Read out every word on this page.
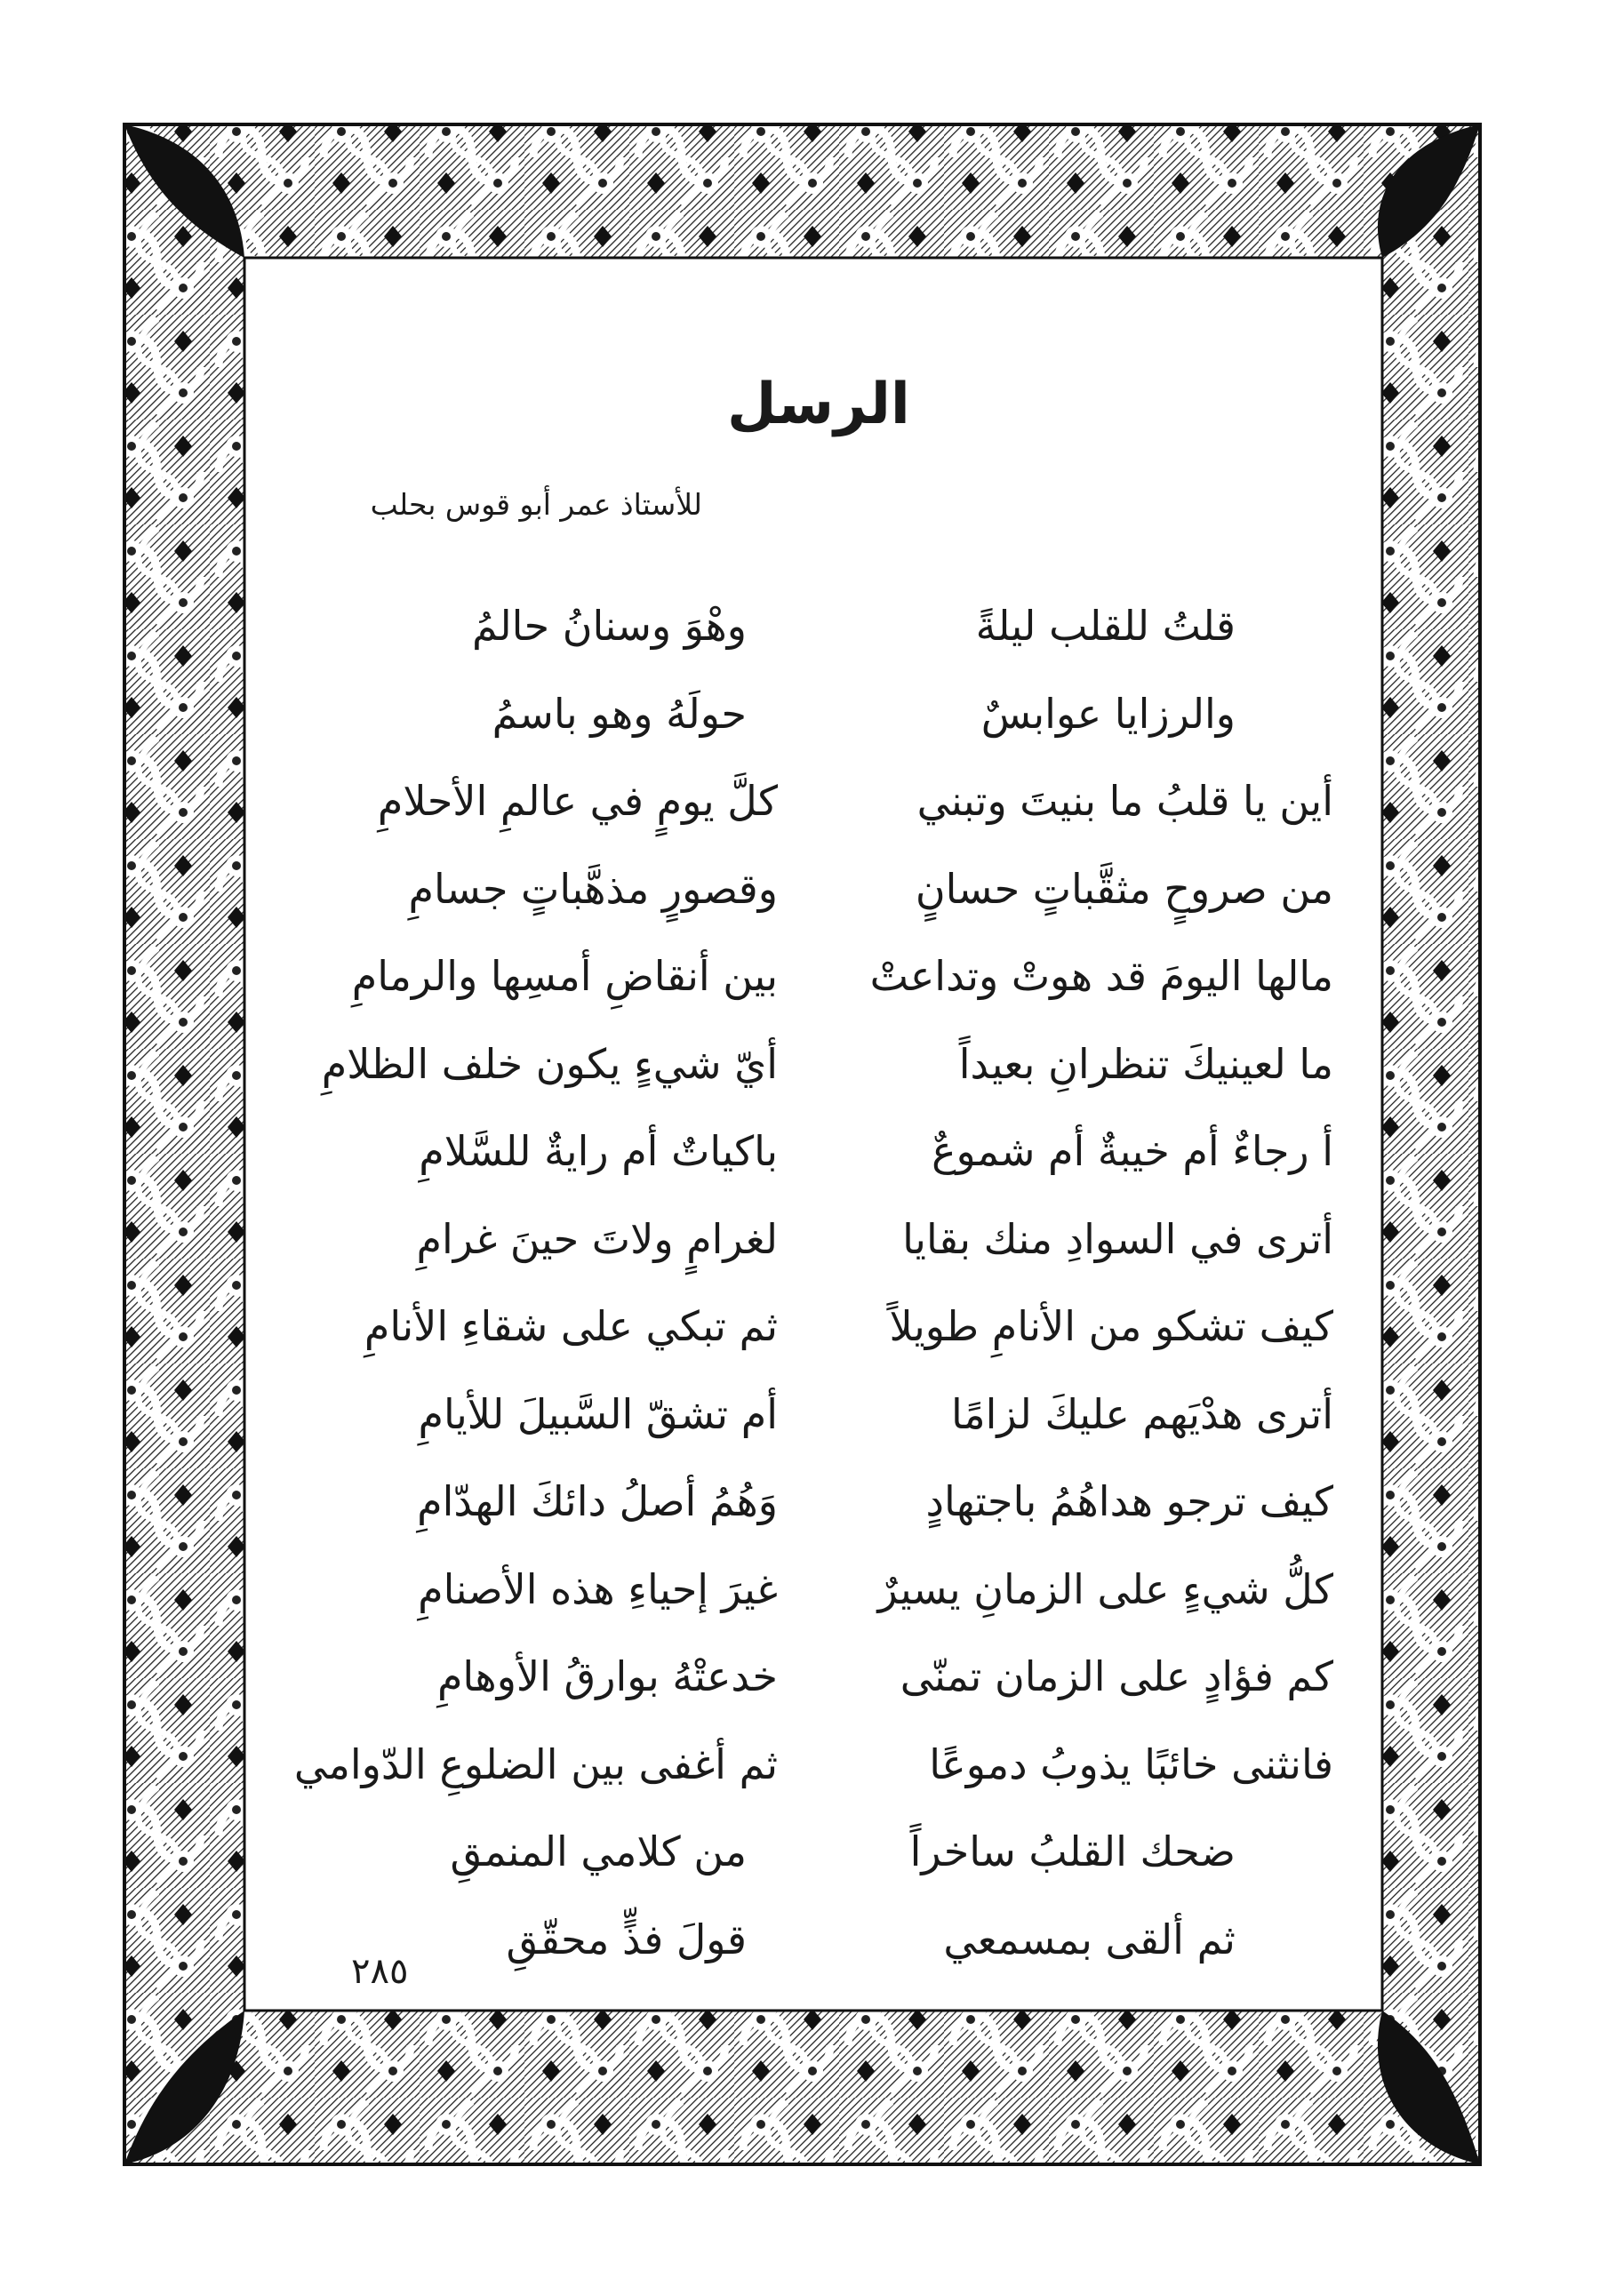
الرسل
للأستاذ عمر أبو قوس بحلب
قلتُ للقلب ليلةً
وهْوَ وسنانُ حالمُ
والرزايا عوابسٌ
حولَهُ وهو باسمُ
أين يا قلبُ ما بنيتَ وتبني
كلَّ يومٍ في عالمِ الأحلامِ
من صروحٍ مثقَّباتٍ حسانٍ
وقصورٍ مذهَّباتٍ جسامِ
مالها اليومَ قد هوتْ وتداعتْ
بين أنقاضِ أمسِها والرمامِ
ما لعينيكَ تنظرانِ بعيداً
أيّ شيءٍ يكون خلف الظلامِ
أ رجاءٌ أم خيبةٌ أم شموعٌ
باكياتٌ أم رايةٌ للسَّلامِ
أترى في السوادِ منك بقايا
لغرامٍ ولاتَ حينَ غرامِ
كيف تشكو من الأنامِ طويلاً
ثم تبكي على شقاءِ الأنامِ
أترى هدْيَهم عليكَ لزامًا
أم تشقّ السَّبيلَ للأيامِ
كيف ترجو هداهُمُ باجتهادٍ
وَهُمُ أصلُ دائكَ الهدّامِ
كلُّ شيءٍ على الزمانِ يسيرٌ
غيرَ إحياءِ هذه الأصنامِ
كم فؤادٍ على الزمان تمنّى
خدعتْهُ بوارقُ الأوهامِ
فانثنى خائبًا يذوبُ دموعًا
ثم أغفى بين الضلوعِ الدّوامي
ضحك القلبُ ساخراً
من كلامي المنمقِ
ثم ألقى بمسمعي
قولَ فذٍّ محقّقِ
٢٨٥
